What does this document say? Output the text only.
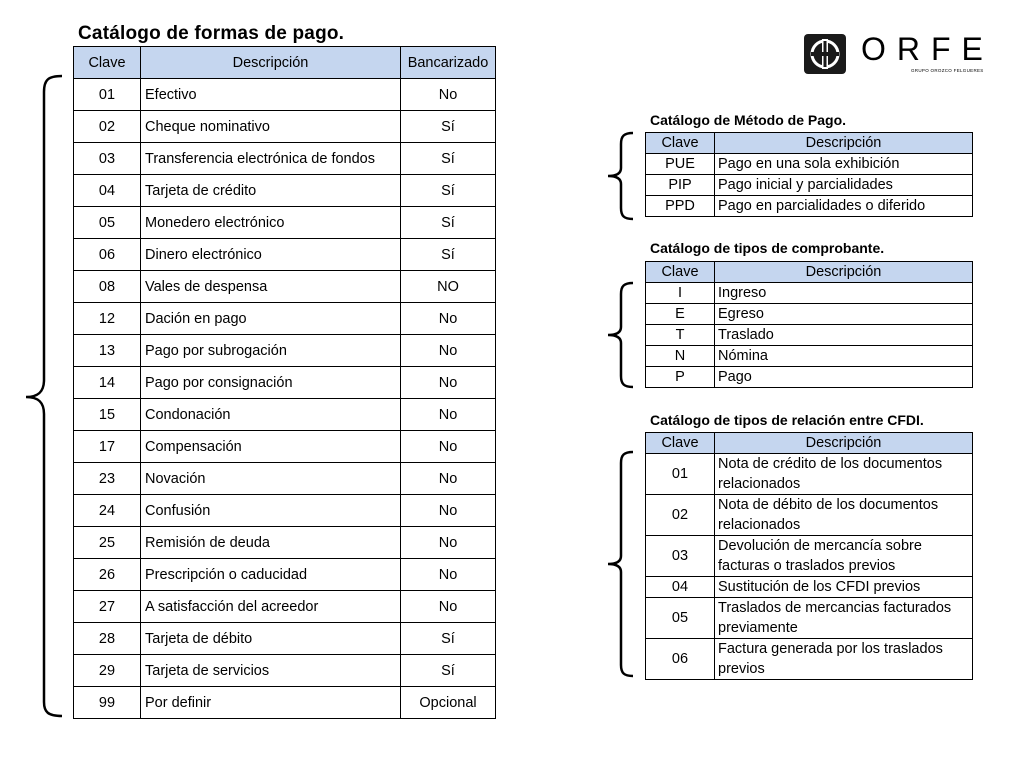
Catálogo de formas de pago.
Clave	Descripción	Bancarizado
01	Efectivo	No
02	Cheque nominativo	Sí
03	Transferencia electrónica de fondos	Sí
04	Tarjeta de crédito	Sí
05	Monedero electrónico	Sí
06	Dinero electrónico	Sí
08	Vales de despensa	NO
12	Dación en pago	No
13	Pago por subrogación	No
14	Pago por consignación	No
15	Condonación	No
17	Compensación	No
23	Novación	No
24	Confusión	No
25	Remisión de deuda	No
26	Prescripción o caducidad	No
27	A satisfacción del acreedor	No
28	Tarjeta de débito	Sí
29	Tarjeta de servicios	Sí
99	Por definir	Opcional
ORFE
GRUPO OROZCO FELGUERES
Catálogo de Método de Pago.
Clave	Descripción
PUE	Pago en una sola exhibición
PIP	Pago inicial y parcialidades
PPD	Pago en parcialidades o diferido
Catálogo de tipos de comprobante.
Clave	Descripción
I	Ingreso
E	Egreso
T	Traslado
N	Nómina
P	Pago
Catálogo de tipos de relación entre CFDI.
Clave	Descripción
01	Nota de crédito de los documentos relacionados
02	Nota de débito de los documentos relacionados
03	Devolución de mercancía sobre facturas o traslados previos
04	Sustitución de los CFDI previos
05	Traslados de mercancias facturados previamente
06	Factura generada por los traslados previos
